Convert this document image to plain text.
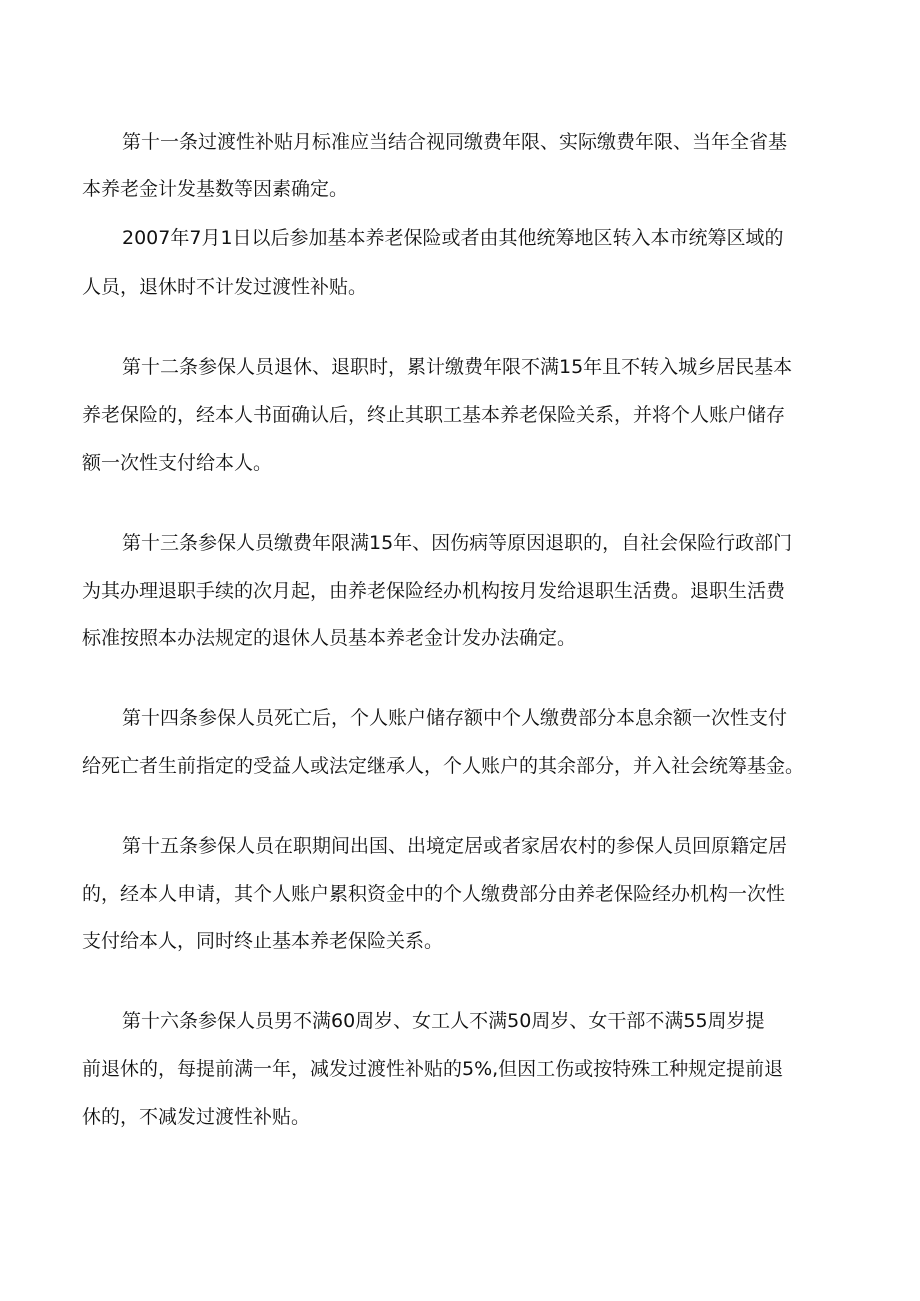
第十一条过渡性补贴月标准应当结合视同缴费年限、实际缴费年限、当年全省基

本养老金计发基数等因素确定。

2007年7月1日以后参加基本养老保险或者由其他统筹地区转入本市统筹区域的

人员，退休时不计发过渡性补贴。

第十二条参保人员退休、退职时，累计缴费年限不满15年且不转入城乡居民基本

养老保险的，经本人书面确认后，终止其职工基本养老保险关系，并将个人账户储存

额一次性支付给本人。

第十三条参保人员缴费年限满15年、因伤病等原因退职的，自社会保险行政部门

为其办理退职手续的次月起，由养老保险经办机构按月发给退职生活费。退职生活费

标准按照本办法规定的退休人员基本养老金计发办法确定。

第十四条参保人员死亡后，个人账户储存额中个人缴费部分本息余额一次性支付

给死亡者生前指定的受益人或法定继承人，个人账户的其余部分，并入社会统筹基金。

第十五条参保人员在职期间出国、出境定居或者家居农村的参保人员回原籍定居

的，经本人申请，其个人账户累积资金中的个人缴费部分由养老保险经办机构一次性

支付给本人，同时终止基本养老保险关系。

第十六条参保人员男不满60周岁、女工人不满50周岁、女干部不满55周岁提

前退休的，每提前满一年，减发过渡性补贴的5%,但因工伤或按特殊工种规定提前退

休的，不减发过渡性补贴。
